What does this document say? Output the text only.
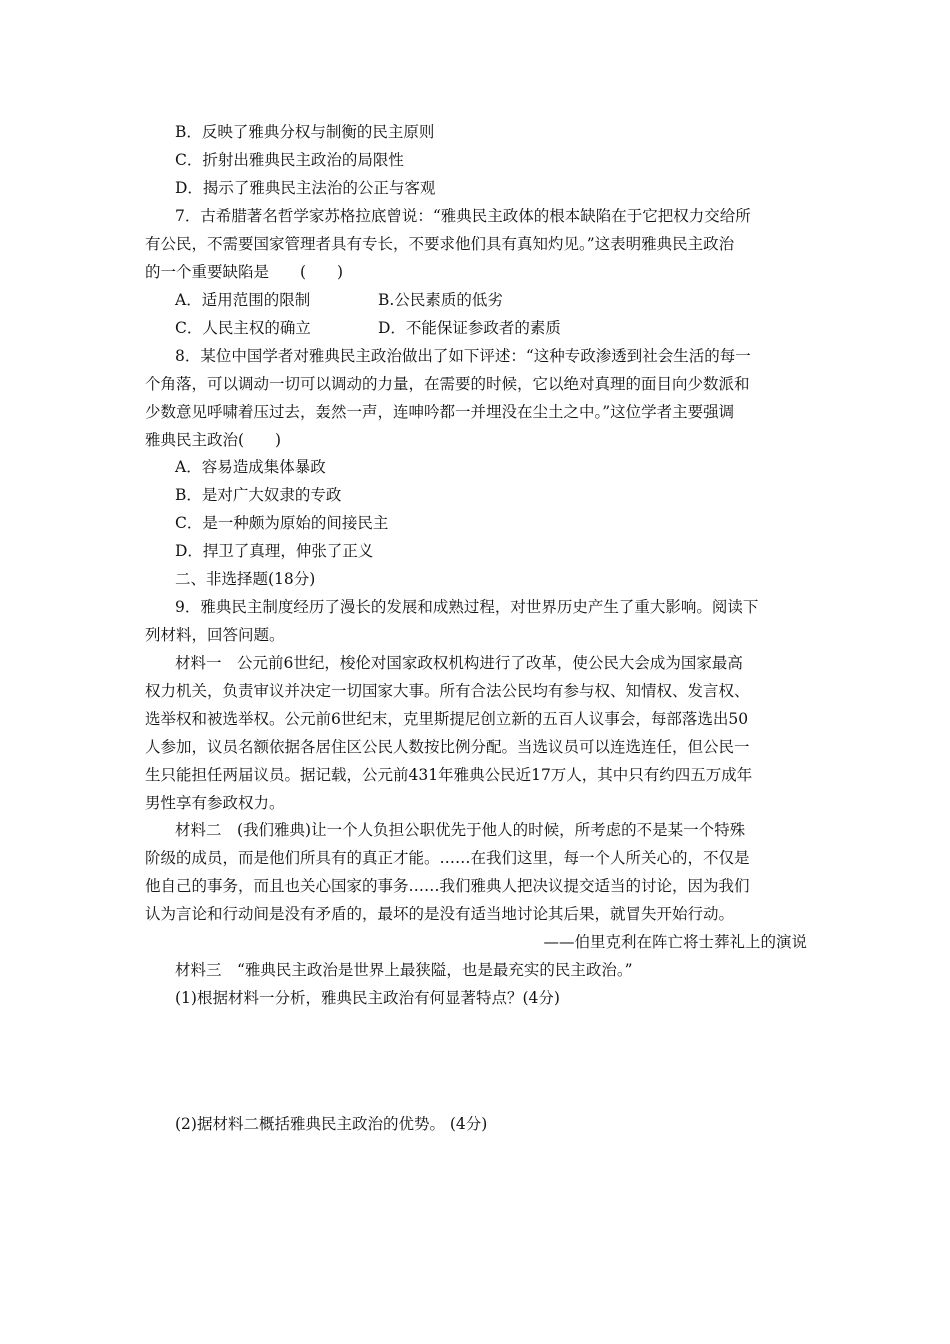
B．反映了雅典分权与制衡的民主原则
C．折射出雅典民主政治的局限性
D．揭示了雅典民主法治的公正与客观
7．古希腊著名哲学家苏格拉底曾说：“雅典民主政体的根本缺陷在于它把权力交给所
有公民，不需要国家管理者具有专长，不要求他们具有真知灼见。”这表明雅典民主政治
的一个重要缺陷是　　(　　)
A．适用范围的限制	B.公民素质的低劣
C．人民主权的确立	D．不能保证参政者的素质
8．某位中国学者对雅典民主政治做出了如下评述：“这种专政渗透到社会生活的每一
个角落，可以调动一切可以调动的力量，在需要的时候，它以绝对真理的面目向少数派和
少数意见呼啸着压过去，轰然一声，连呻吟都一并埋没在尘土之中。”这位学者主要强调
雅典民主政治(　　)
A．容易造成集体暴政
B．是对广大奴隶的专政
C．是一种颇为原始的间接民主
D．捍卫了真理，伸张了正义
二、非选择题(18分)
9．雅典民主制度经历了漫长的发展和成熟过程，对世界历史产生了重大影响。阅读下
列材料，回答问题。
材料一　公元前6世纪，梭伦对国家政权机构进行了改革，使公民大会成为国家最高
权力机关，负责审议并决定一切国家大事。所有合法公民均有参与权、知情权、发言权、
选举权和被选举权。公元前6世纪末，克里斯提尼创立新的五百人议事会，每部落选出50
人参加，议员名额依据各居住区公民人数按比例分配。当选议员可以连选连任，但公民一
生只能担任两届议员。据记载，公元前431年雅典公民近17万人，其中只有约四五万成年
男性享有参政权力。
材料二　(我们雅典)让一个人负担公职优先于他人的时候，所考虑的不是某一个特殊
阶级的成员，而是他们所具有的真正才能。……在我们这里，每一个人所关心的，不仅是
他自己的事务，而且也关心国家的事务……我们雅典人把决议提交适当的讨论，因为我们
认为言论和行动间是没有矛盾的，最坏的是没有适当地讨论其后果，就冒失开始行动。
——伯里克利在阵亡将士葬礼上的演说
材料三　“雅典民主政治是世界上最狭隘，也是最充实的民主政治。”
(1)根据材料一分析，雅典民主政治有何显著特点？(4分)
(2)据材料二概括雅典民主政治的优势。 (4分)
